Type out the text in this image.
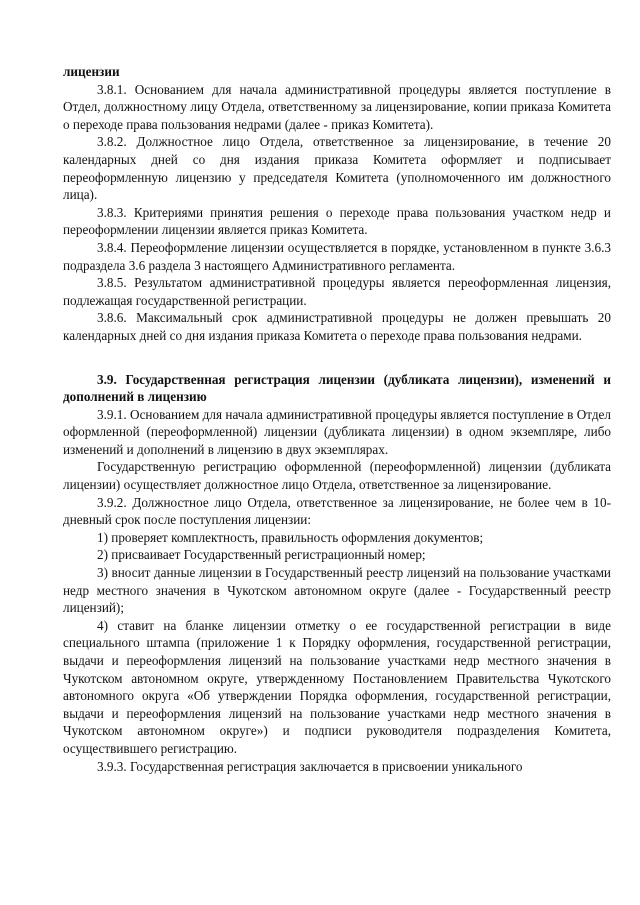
лицензии

3.8.1. Основанием для начала административной процедуры является поступление в Отдел, должностному лицу Отдела, ответственному за лицензирование, копии приказа Комитета о переходе права пользования недрами (далее - приказ Комитета).

3.8.2. Должностное лицо Отдела, ответственное за лицензирование, в течение 20 календарных дней со дня издания приказа Комитета оформляет и подписывает переоформленную лицензию у председателя Комитета (уполномоченного им должностного лица).

3.8.3. Критериями принятия решения о переходе права пользования участком недр и переоформлении лицензии является приказ Комитета.

3.8.4. Переоформление лицензии осуществляется в порядке, установленном в пункте 3.6.3 подраздела 3.6 раздела 3 настоящего Административного регламента.

3.8.5. Результатом административной процедуры является переоформленная лицензия, подлежащая государственной регистрации.

3.8.6. Максимальный срок административной процедуры не должен превышать 20 календарных дней со дня издания приказа Комитета о переходе права пользования недрами.

3.9. Государственная регистрация лицензии (дубликата лицензии), изменений и дополнений в лицензию

3.9.1. Основанием для начала административной процедуры является поступление в Отдел оформленной (переоформленной) лицензии (дубликата лицензии) в одном экземпляре, либо изменений и дополнений в лицензию в двух экземплярах.

Государственную регистрацию оформленной (переоформленной) лицензии (дубликата лицензии) осуществляет должностное лицо Отдела, ответственное за лицензирование.

3.9.2. Должностное лицо Отдела, ответственное за лицензирование, не более чем в 10-дневный срок после поступления лицензии:

1) проверяет комплектность, правильность оформления документов;

2) присваивает Государственный регистрационный номер;

3) вносит данные лицензии в Государственный реестр лицензий на пользование участками недр местного значения в Чукотском автономном округе (далее - Государственный реестр лицензий);

4) ставит на бланке лицензии отметку о ее государственной регистрации в виде специального штампа (приложение 1 к Порядку оформления, государственной регистрации, выдачи и переоформления лицензий на пользование участками недр местного значения в Чукотском автономном округе, утвержденному Постановлением Правительства Чукотского автономного округа «Об утверждении Порядка оформления, государственной регистрации, выдачи и переоформления лицензий на пользование участками недр местного значения в Чукотском автономном округе») и подписи руководителя подразделения Комитета, осуществившего регистрацию.

3.9.3. Государственная регистрация заключается в присвоении уникального
